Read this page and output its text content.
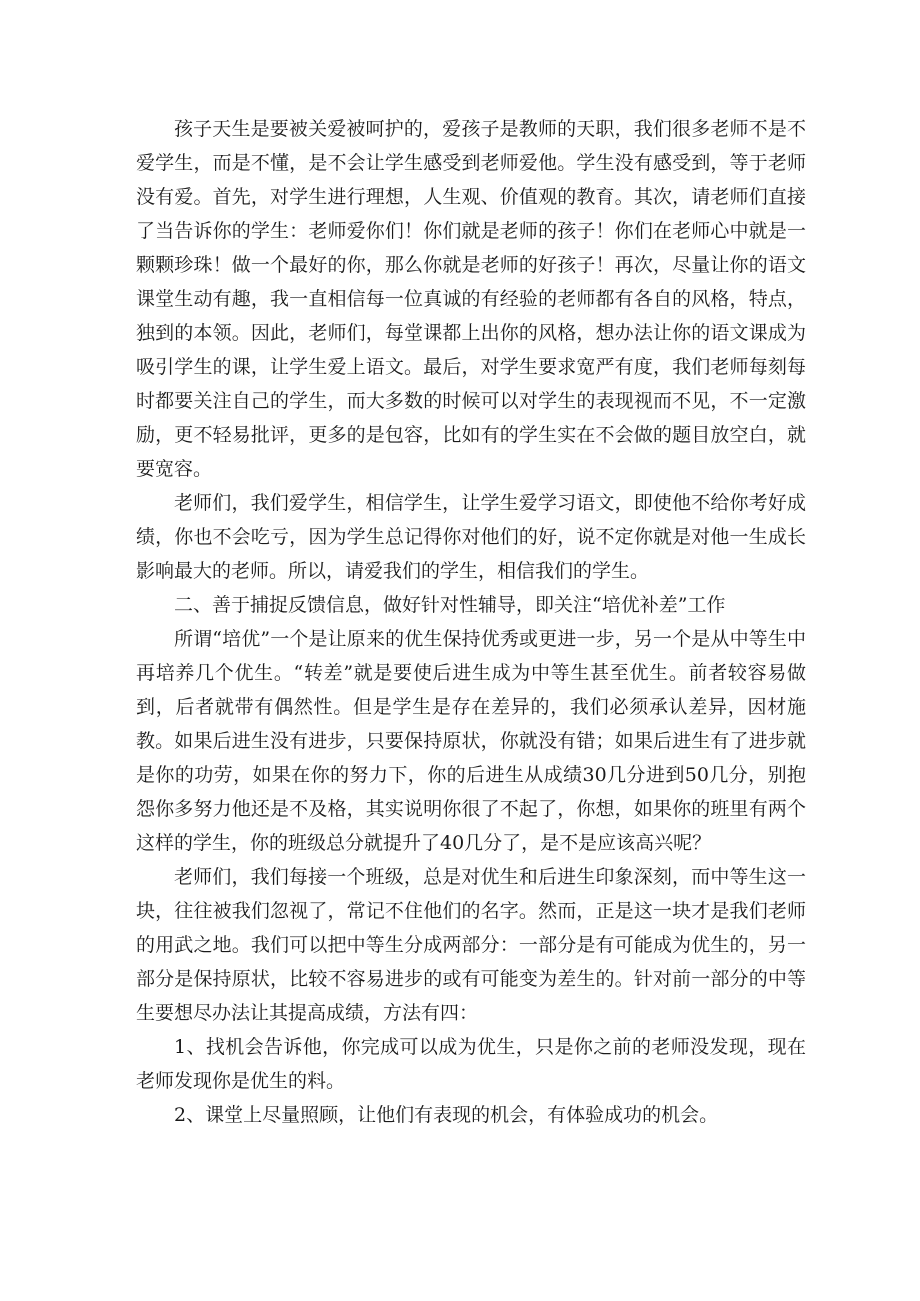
孩子天生是要被关爱被呵护的，爱孩子是教师的天职，我们很多老师不是不爱学生，而是不懂，是不会让学生感受到老师爱他。学生没有感受到，等于老师没有爱。首先，对学生进行理想，人生观、价值观的教育。其次，请老师们直接了当告诉你的学生：老师爱你们！你们就是老师的孩子！你们在老师心中就是一颗颗珍珠！做一个最好的你，那么你就是老师的好孩子！再次，尽量让你的语文课堂生动有趣，我一直相信每一位真诚的有经验的老师都有各自的风格，特点，独到的本领。因此，老师们，每堂课都上出你的风格，想办法让你的语文课成为吸引学生的课，让学生爱上语文。最后，对学生要求宽严有度，我们老师每刻每时都要关注自己的学生，而大多数的时候可以对学生的表现视而不见，不一定激励，更不轻易批评，更多的是包容，比如有的学生实在不会做的题目放空白，就要宽容。

老师们，我们爱学生，相信学生，让学生爱学习语文，即使他不给你考好成绩，你也不会吃亏，因为学生总记得你对他们的好，说不定你就是对他一生成长影响最大的老师。所以，请爱我们的学生，相信我们的学生。

二、善于捕捉反馈信息，做好针对性辅导，即关注“培优补差”工作

所谓“培优”一个是让原来的优生保持优秀或更进一步，另一个是从中等生中再培养几个优生。“转差”就是要使后进生成为中等生甚至优生。前者较容易做到，后者就带有偶然性。但是学生是存在差异的，我们必须承认差异，因材施教。如果后进生没有进步，只要保持原状，你就没有错；如果后进生有了进步就是你的功劳，如果在你的努力下，你的后进生从成绩30几分进到50几分，别抱怨你多努力他还是不及格，其实说明你很了不起了，你想，如果你的班里有两个这样的学生，你的班级总分就提升了40几分了，是不是应该高兴呢？

老师们，我们每接一个班级，总是对优生和后进生印象深刻，而中等生这一块，往往被我们忽视了，常记不住他们的名字。然而，正是这一块才是我们老师的用武之地。我们可以把中等生分成两部分：一部分是有可能成为优生的，另一部分是保持原状，比较不容易进步的或有可能变为差生的。针对前一部分的中等生要想尽办法让其提高成绩，方法有四：

1、找机会告诉他，你完成可以成为优生，只是你之前的老师没发现，现在老师发现你是优生的料。

2、课堂上尽量照顾，让他们有表现的机会，有体验成功的机会。
